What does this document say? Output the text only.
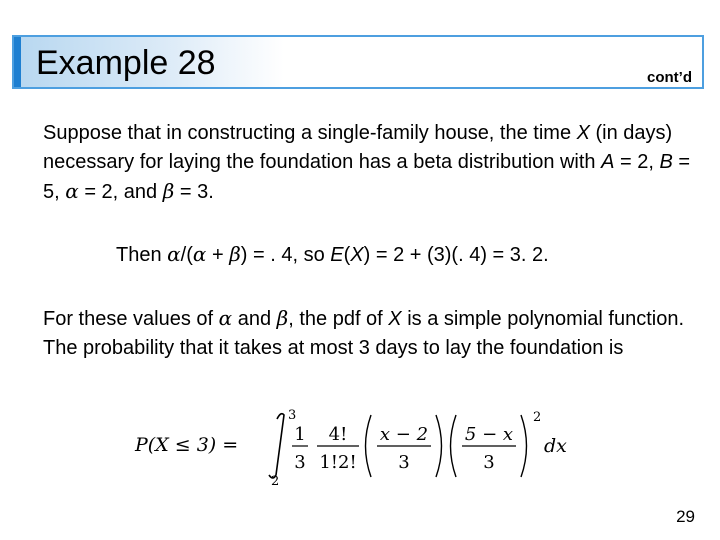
Example 28	cont’d
Suppose that in constructing a single-family house, the time X (in days) necessary for laying the foundation has a beta distribution with A = 2, B = 5, α = 2, and β = 3.
Then α/(α + β) = . 4, so E(X) = 2 + (3)(. 4) = 3. 2.
For these values of α and β, the pdf of X is a simple polynomial function. The probability that it takes at most 3 days to lay the foundation is
P(X ≤ 3) =
3
2
1
3
4!
1!2!
x − 2
3
5 − x
3
2
dx
29
